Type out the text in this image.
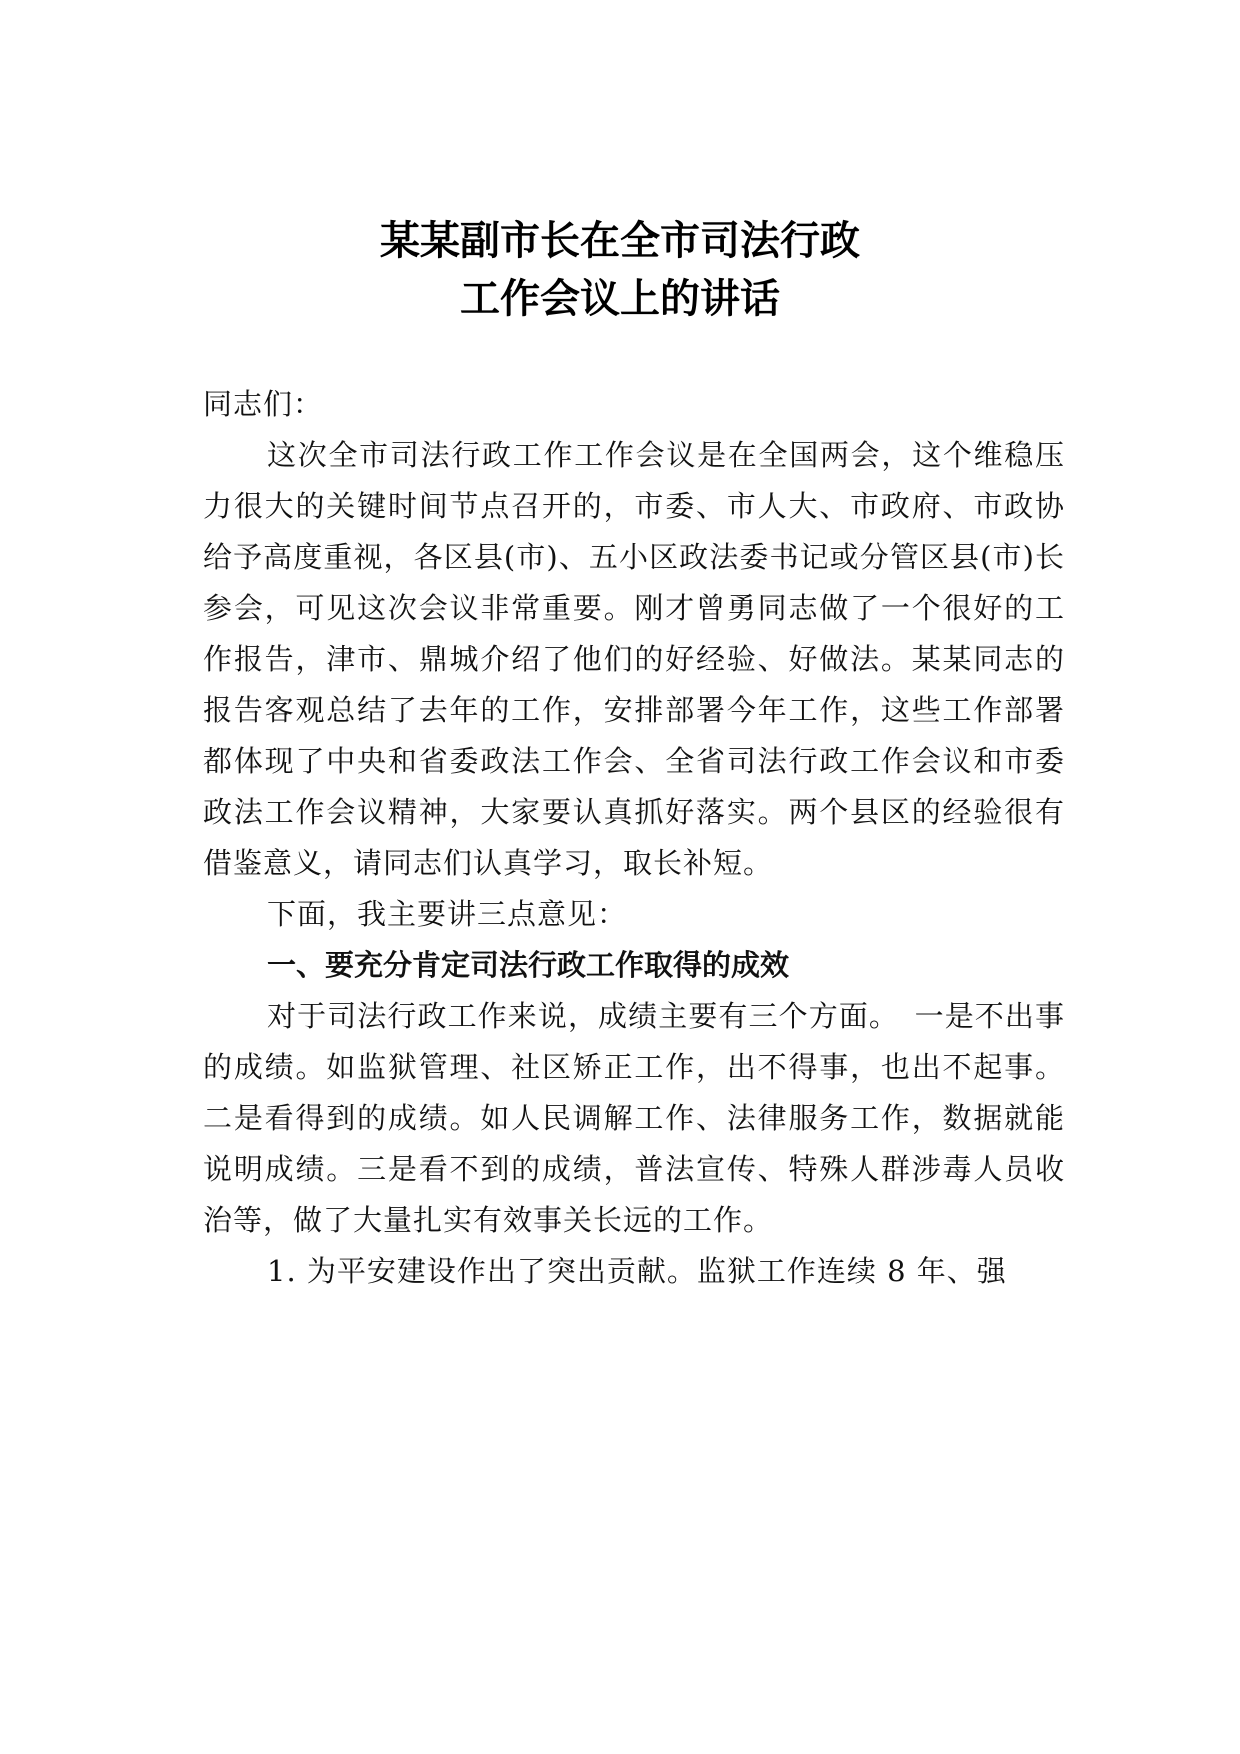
某某副市长在全市司法行政
工作会议上的讲话

同志们：

这次全市司法行政工作工作会议是在全国两会，这个维稳压力很大的关键时间节点召开的，市委、市人大、市政府、市政协给予高度重视，各区县(市)、五小区政法委书记或分管区县(市)长参会，可见这次会议非常重要。刚才曾勇同志做了一个很好的工作报告，津市、鼎城介绍了他们的好经验、好做法。某某同志的报告客观总结了去年的工作，安排部署今年工作，这些工作部署都体现了中央和省委政法工作会、全省司法行政工作会议和市委政法工作会议精神，大家要认真抓好落实。两个县区的经验很有借鉴意义，请同志们认真学习，取长补短。

下面，我主要讲三点意见：

一、要充分肯定司法行政工作取得的成效

对于司法行政工作来说，成绩主要有三个方面。　一是不出事的成绩。如监狱管理、社区矫正工作，出不得事，也出不起事。二是看得到的成绩。如人民调解工作、法律服务工作，数据就能说明成绩。三是看不到的成绩，普法宣传、特殊人群涉毒人员收治等，做了大量扎实有效事关长远的工作。

1. 为平安建设作出了突出贡献。监狱工作连续 8 年、强
